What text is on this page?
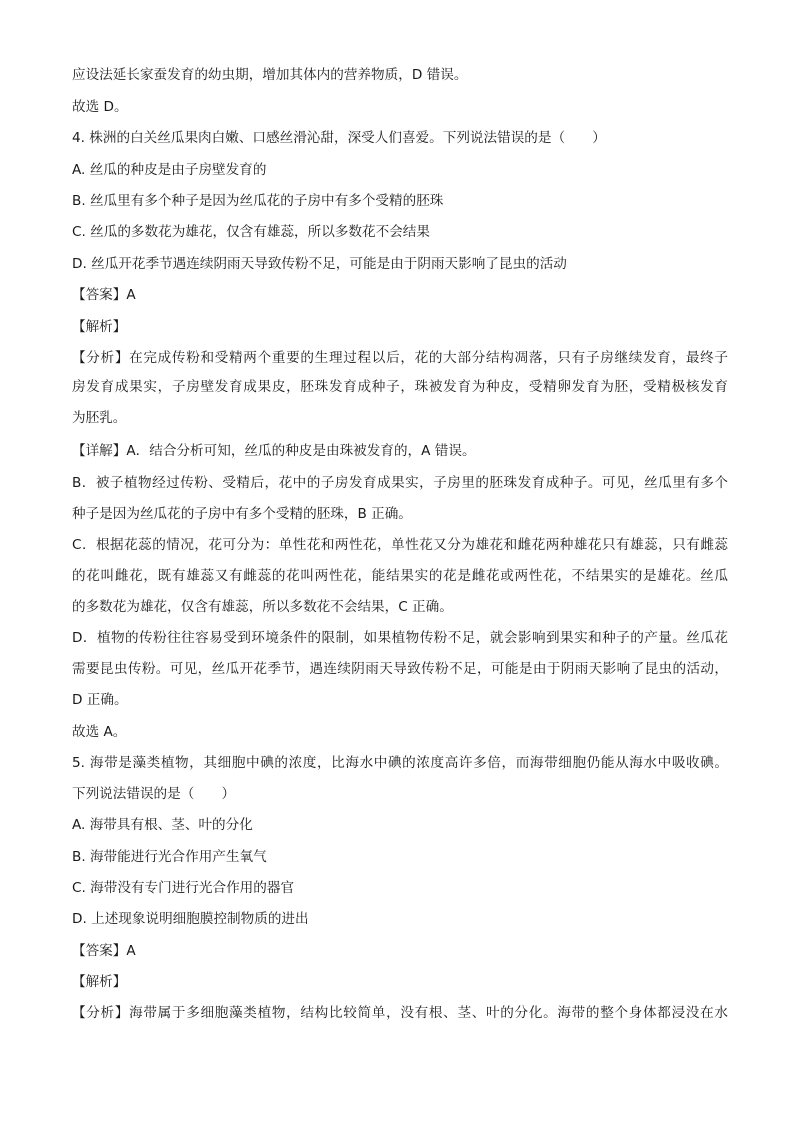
应设法延长家蚕发育的幼虫期，增加其体内的营养物质，D 错误。
故选 D。
4. 株洲的白关丝瓜果肉白嫩、口感丝滑沁甜，深受人们喜爱。下列说法错误的是（　　）
A. 丝瓜的种皮是由子房壁发育的
B. 丝瓜里有多个种子是因为丝瓜花的子房中有多个受精的胚珠
C. 丝瓜的多数花为雄花，仅含有雄蕊，所以多数花不会结果
D. 丝瓜开花季节遇连续阴雨天导致传粉不足，可能是由于阴雨天影响了昆虫的活动
【答案】A
【解析】
【分析】在完成传粉和受精两个重要的生理过程以后，花的大部分结构凋落，只有子房继续发育，最终子
房发育成果实，子房壁发育成果皮，胚珠发育成种子，珠被发育为种皮，受精卵发育为胚，受精极核发育
为胚乳。
【详解】A．结合分析可知，丝瓜的种皮是由珠被发育的，A 错误。
B．被子植物经过传粉、受精后，花中的子房发育成果实，子房里的胚珠发育成种子。可见，丝瓜里有多个
种子是因为丝瓜花的子房中有多个受精的胚珠，B 正确。
C．根据花蕊的情况，花可分为：单性花和两性花，单性花又分为雄花和雌花两种雄花只有雄蕊，只有雌蕊
的花叫雌花，既有雄蕊又有雌蕊的花叫两性花，能结果实的花是雌花或两性花，不结果实的是雄花。丝瓜
的多数花为雄花，仅含有雄蕊，所以多数花不会结果，C 正确。
D．植物的传粉往往容易受到环境条件的限制，如果植物传粉不足，就会影响到果实和种子的产量。丝瓜花
需要昆虫传粉。可见，丝瓜开花季节，遇连续阴雨天导致传粉不足，可能是由于阴雨天影响了昆虫的活动，
D 正确。
故选 A。
5. 海带是藻类植物，其细胞中碘的浓度，比海水中碘的浓度高许多倍，而海带细胞仍能从海水中吸收碘。
下列说法错误的是（　　）
A. 海带具有根、茎、叶的分化
B. 海带能进行光合作用产生氧气
C. 海带没有专门进行光合作用的器官
D. 上述现象说明细胞膜控制物质的进出
【答案】A
【解析】
【分析】海带属于多细胞藻类植物，结构比较简单，没有根、茎、叶的分化。海带的整个身体都浸没在水
